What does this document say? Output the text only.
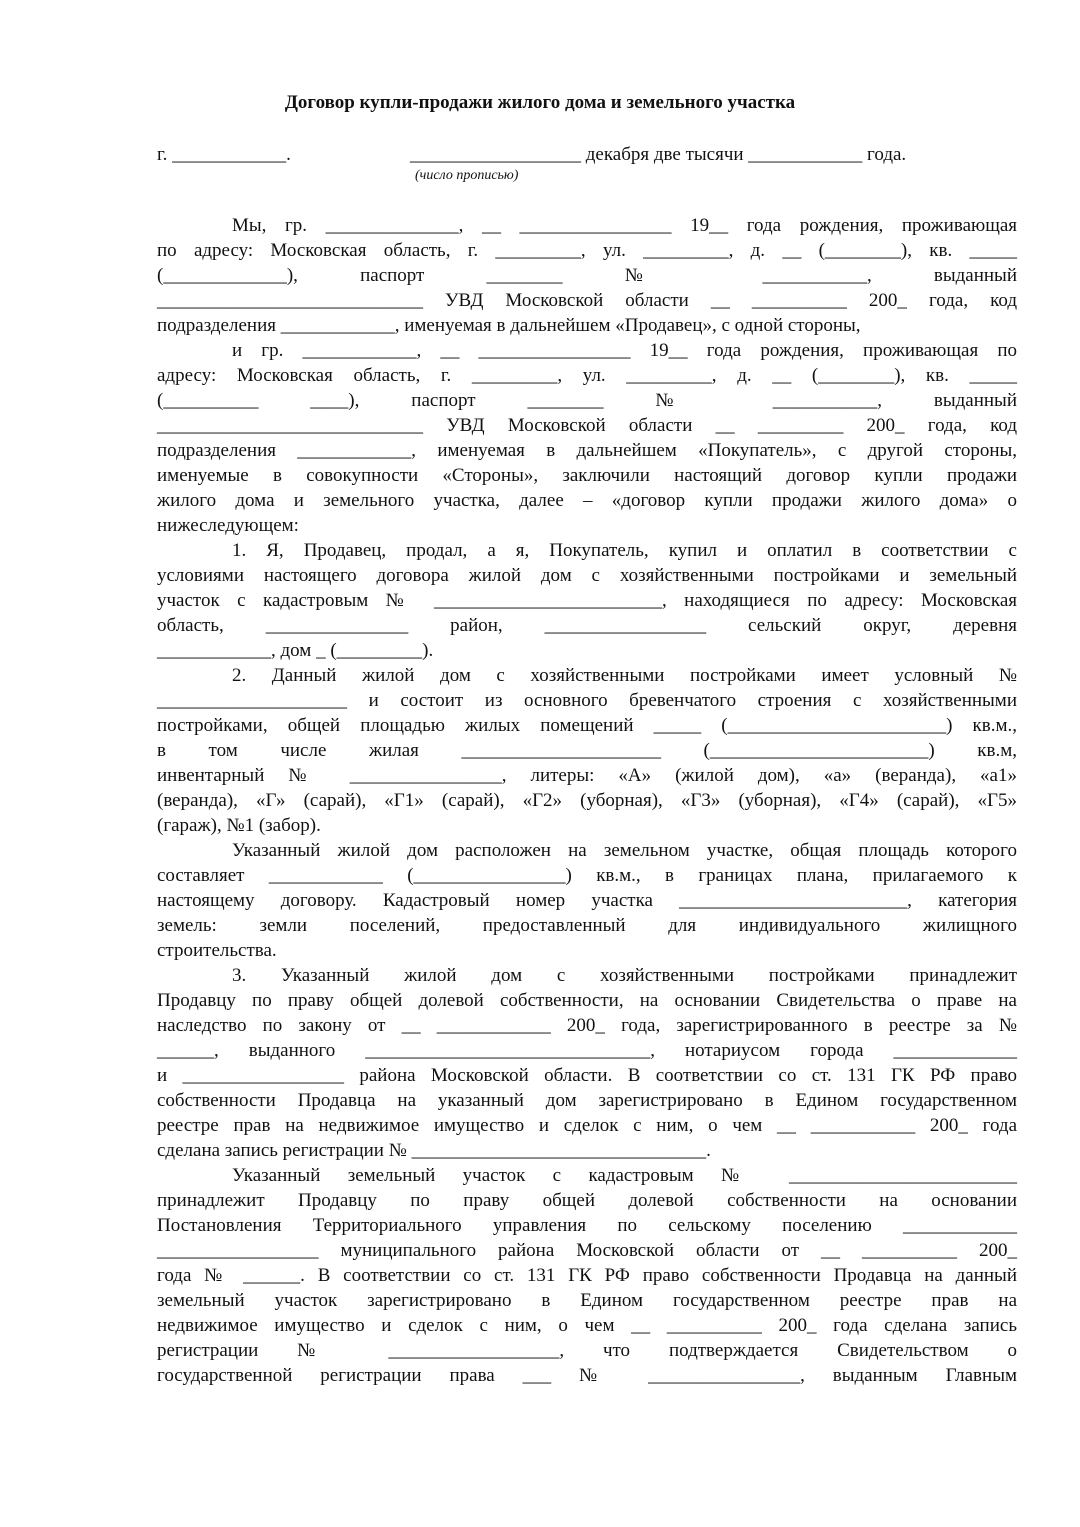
Договор купли-продажи жилого дома и земельного участка
г. ____________.	__________________ декабря две тысячи ____________ года.
(число прописью)
Мы, гр. ______________, __ ________________ 19__ года рождения, проживающая
по адресу: Московская область, г. _________, ул. _________, д. __ (________), кв. _____
(_____________), паспорт ________ № ___________, выданный
____________________________ УВД Московской области __ __________ 200_ года, код
подразделения ____________, именуемая в дальнейшем «Продавец», с одной стороны,
и гр. ____________, __ ________________ 19__ года рождения, проживающая по
адресу: Московская область, г. _________, ул. _________, д. __ (________), кв. _____
(__________ ____), паспорт ________ № ___________, выданный
____________________________ УВД Московской области __ _________ 200_ года, код
подразделения ____________, именуемая в дальнейшем «Покупатель», с другой стороны,
именуемые в совокупности «Стороны», заключили настоящий договор купли продажи
жилого дома и земельного участка, далее – «договор купли продажи жилого дома» о
нижеследующем:
1. Я, Продавец, продал, а я, Покупатель, купил и оплатил в соответствии с
условиями настоящего договора жилой дом с хозяйственными постройками и земельный
участок с кадастровым № ________________________, находящиеся по адресу: Московская
область, _______________ район, _________________ сельский округ, деревня
____________, дом _ (_________).
2. Данный жилой дом с хозяйственными постройками имеет условный №
____________________ и состоит из основного бревенчатого строения с хозяйственными
постройками, общей площадью жилых помещений _____ (_______________________) кв.м.,
в том числе жилая _____________________ (_______________________) кв.м,
инвентарный № ________________, литеры: «А» (жилой дом), «а» (веранда), «а1»
(веранда), «Г» (сарай), «Г1» (сарай), «Г2» (уборная), «Г3» (уборная), «Г4» (сарай), «Г5»
(гараж), №1 (забор).
Указанный жилой дом расположен на земельном участке, общая площадь которого
составляет ____________ (________________) кв.м., в границах плана, прилагаемого к
настоящему договору. Кадастровый номер участка ________________________, категория
земель: земли поселений, предоставленный для индивидуального жилищного
строительства.
3. Указанный жилой дом с хозяйственными постройками принадлежит
Продавцу по праву общей долевой собственности, на основании Свидетельства о праве на
наследство по закону от __ ____________ 200_ года, зарегистрированного в реестре за №
______, выданного ______________________________, нотариусом города _____________
и _________________ района Московской области. В соответствии со ст. 131 ГК РФ право
собственности Продавца на указанный дом зарегистрировано в Едином государственном
реестре прав на недвижимое имущество и сделок с ним, о чем __ ___________ 200_ года
сделана запись регистрации № _______________________________.
Указанный земельный участок с кадастровым № ________________________
принадлежит Продавцу по праву общей долевой собственности на основании
Постановления Территориального управления по сельскому поселению ____________
_________________ муниципального района Московской области от __ __________ 200_
года № ______. В соответствии со ст. 131 ГК РФ право собственности Продавца на данный
земельный участок зарегистрировано в Едином государственном реестре прав на
недвижимое имущество и сделок с ним, о чем __ __________ 200_ года сделана запись
регистрации № __________________, что подтверждается Свидетельством о
государственной регистрации права ___ № ________________, выданным Главным
